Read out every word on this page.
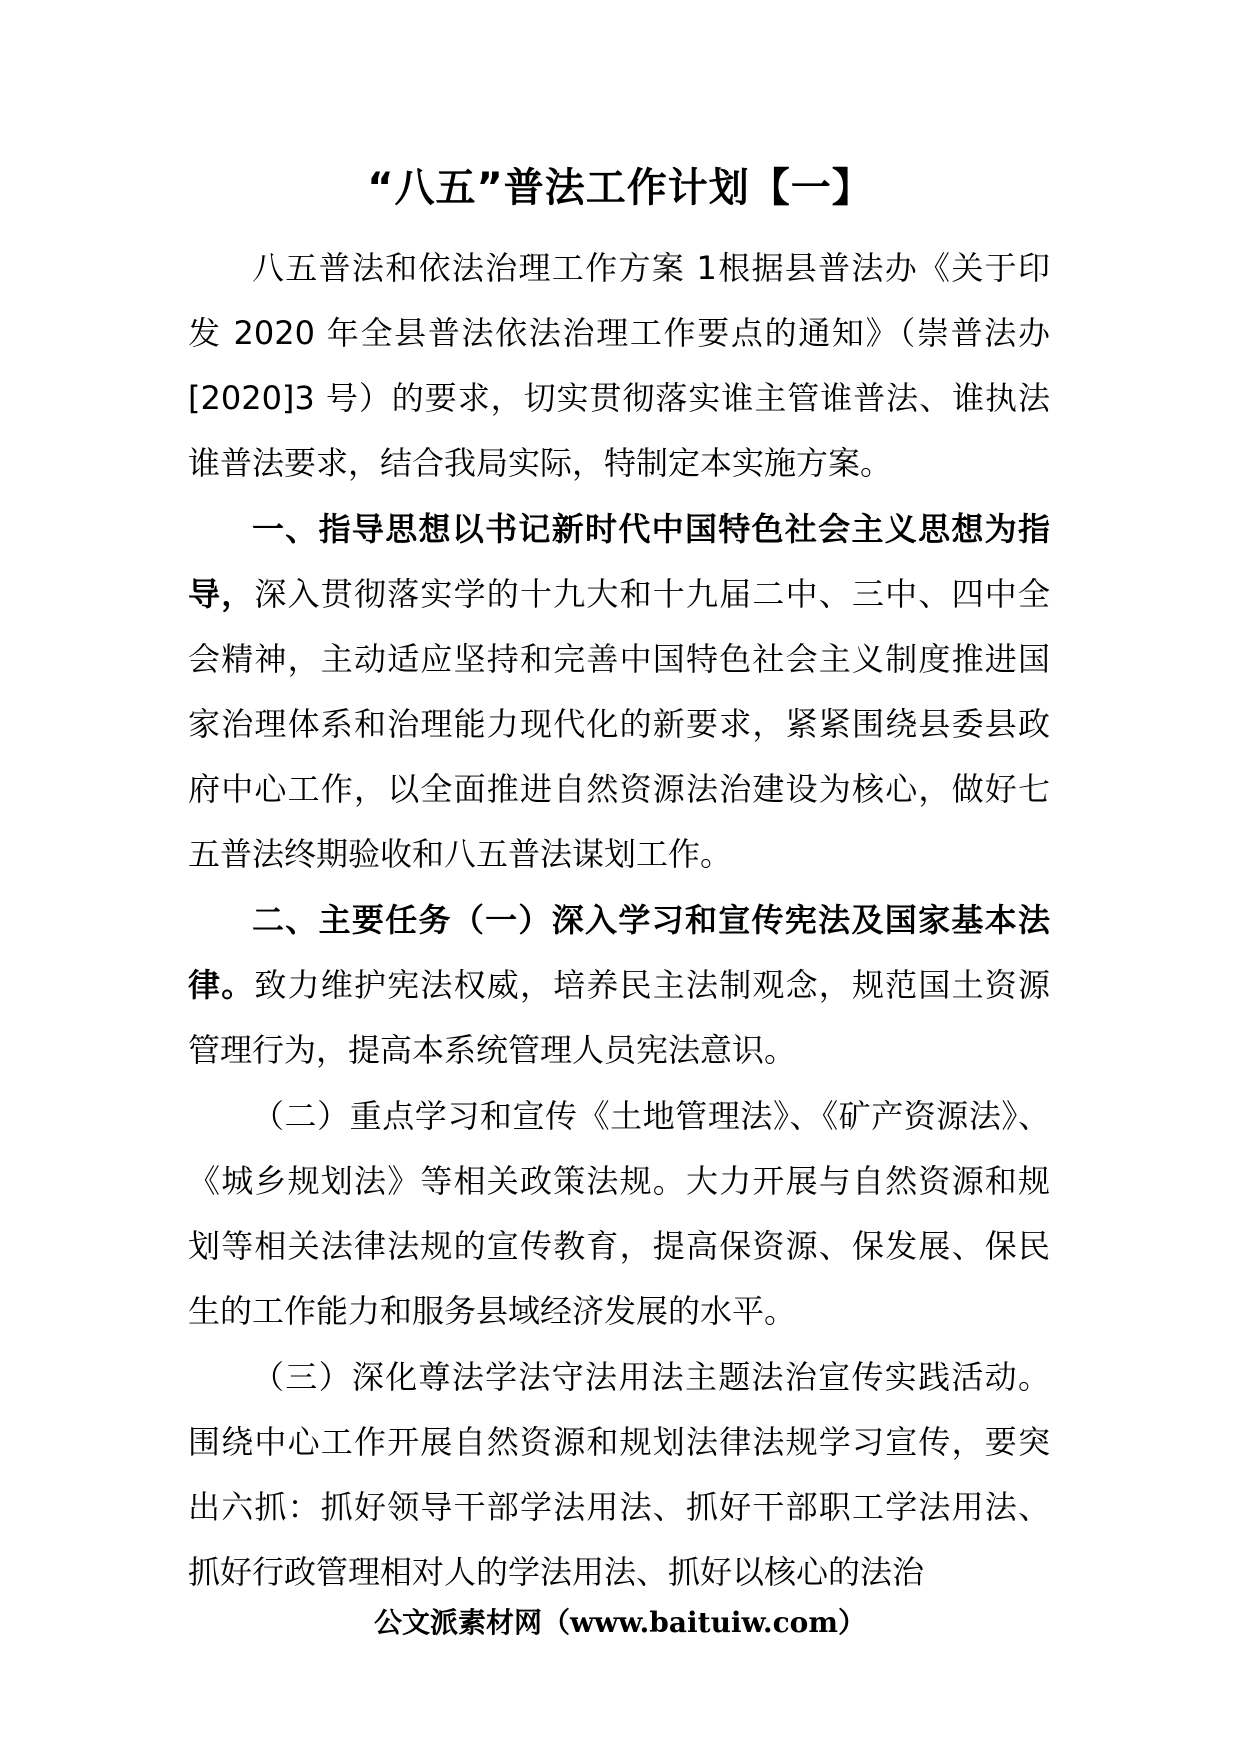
“八五”普法工作计划【一】

八五普法和依法治理工作方案 1根据县普法办《关于印发 2020 年全县普法依法治理工作要点的通知》（崇普法办[2020]3 号）的要求，切实贯彻落实谁主管谁普法、谁执法谁普法要求，结合我局实际，特制定本实施方案。

一、指导思想以书记新时代中国特色社会主义思想为指导，深入贯彻落实学的十九大和十九届二中、三中、四中全会精神，主动适应坚持和完善中国特色社会主义制度推进国家治理体系和治理能力现代化的新要求，紧紧围绕县委县政府中心工作，以全面推进自然资源法治建设为核心，做好七五普法终期验收和八五普法谋划工作。

二、主要任务（一）深入学习和宣传宪法及国家基本法律。致力维护宪法权威，培养民主法制观念，规范国土资源管理行为，提高本系统管理人员宪法意识。

（二）重点学习和宣传《土地管理法》、《矿产资源法》、《城乡规划法》等相关政策法规。大力开展与自然资源和规划等相关法律法规的宣传教育，提高保资源、保发展、保民生的工作能力和服务县域经济发展的水平。

（三）深化尊法学法守法用法主题法治宣传实践活动。围绕中心工作开展自然资源和规划法律法规学习宣传，要突出六抓：抓好领导干部学法用法、抓好干部职工学法用法、抓好行政管理相对人的学法用法、抓好以核心的法治

公文派素材网（www.baituiw.com）
